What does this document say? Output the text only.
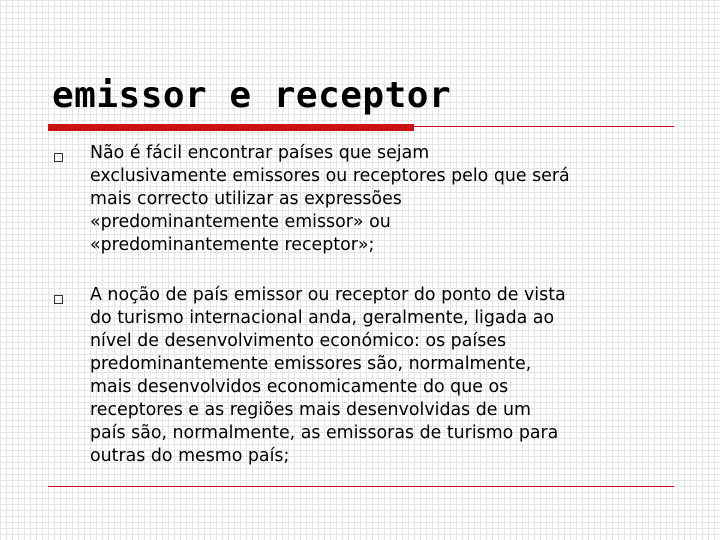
emissor e receptor
Não é fácil encontrar países que sejam
exclusivamente emissores ou receptores pelo que será
mais correcto utilizar as expressões
«predominantemente emissor» ou
«predominantemente receptor»;
A noção de país emissor ou receptor do ponto de vista
do turismo internacional anda, geralmente, ligada ao
nível de desenvolvimento económico: os países
predominantemente emissores são, normalmente,
mais desenvolvidos economicamente do que os
receptores e as regiões mais desenvolvidas de um
país são, normalmente, as emissoras de turismo para
outras do mesmo país;
